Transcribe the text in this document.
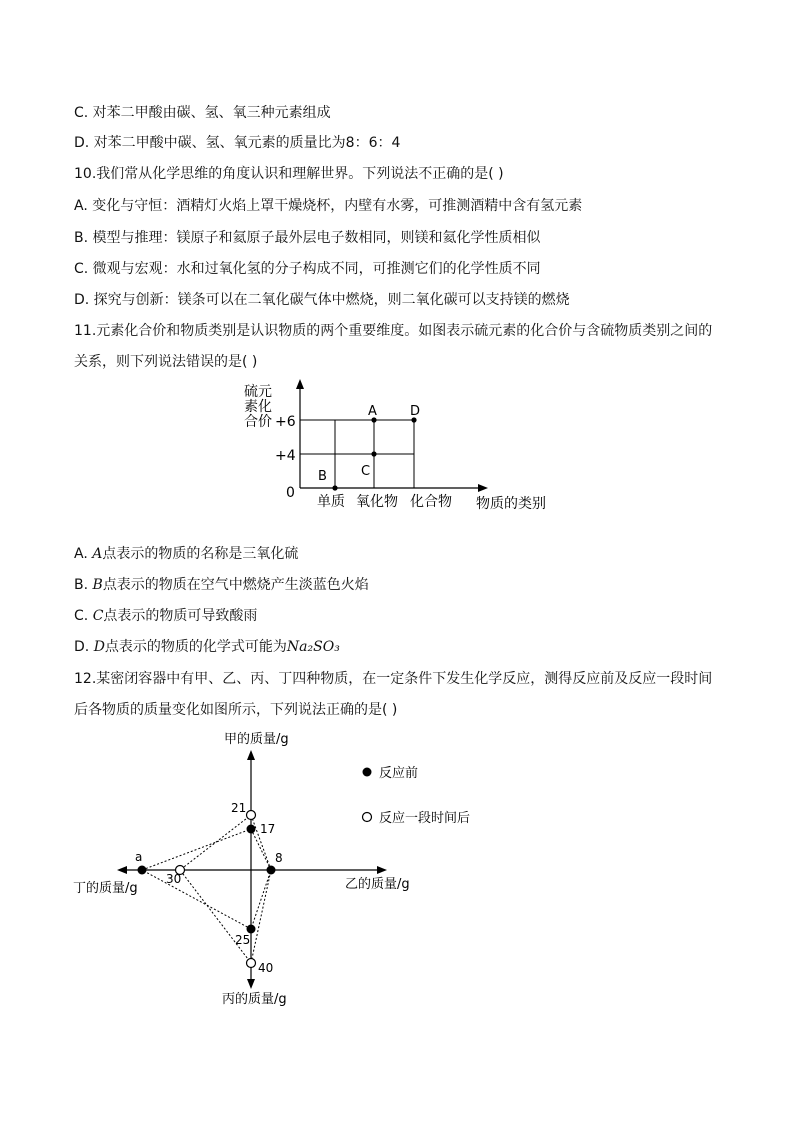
C. 对苯二甲酸由碳、氢、氧三种元素组成
D. 对苯二甲酸中碳、氢、氧元素的质量比为8：6：4
10.我们常从化学思维的角度认识和理解世界。下列说法不正确的是( )
A. 变化与守恒：酒精灯火焰上罩干燥烧杯，内壁有水雾，可推测酒精中含有氢元素
B. 模型与推理：镁原子和氦原子最外层电子数相同，则镁和氦化学性质相似
C. 微观与宏观：水和过氧化氢的分子构成不同，可推测它们的化学性质不同
D. 探究与创新：镁条可以在二氧化碳气体中燃烧，则二氧化碳可以支持镁的燃烧
11.元素化合价和物质类别是认识物质的两个重要维度。如图表示硫元素的化合价与含硫物质类别之间的
关系，则下列说法错误的是( )
硫元
素化
合价 +6
+4
0
单质 氧化物 化合物 物质的类别
A	D
B	C
A. A点表示的物质的名称是三氧化硫
B. B点表示的物质在空气中燃烧产生淡蓝色火焰
C. C点表示的物质可导致酸雨
D. D点表示的物质的化学式可能为Na₂SO₃
12.某密闭容器中有甲、乙、丙、丁四种物质，在一定条件下发生化学反应，测得反应前及反应一段时间
后各物质的质量变化如图所示，下列说法正确的是( )
甲的质量/g
乙的质量/g
丙的质量/g
丁的质量/g
21
17
8
a
30
25
40
反应前
反应一段时间后
